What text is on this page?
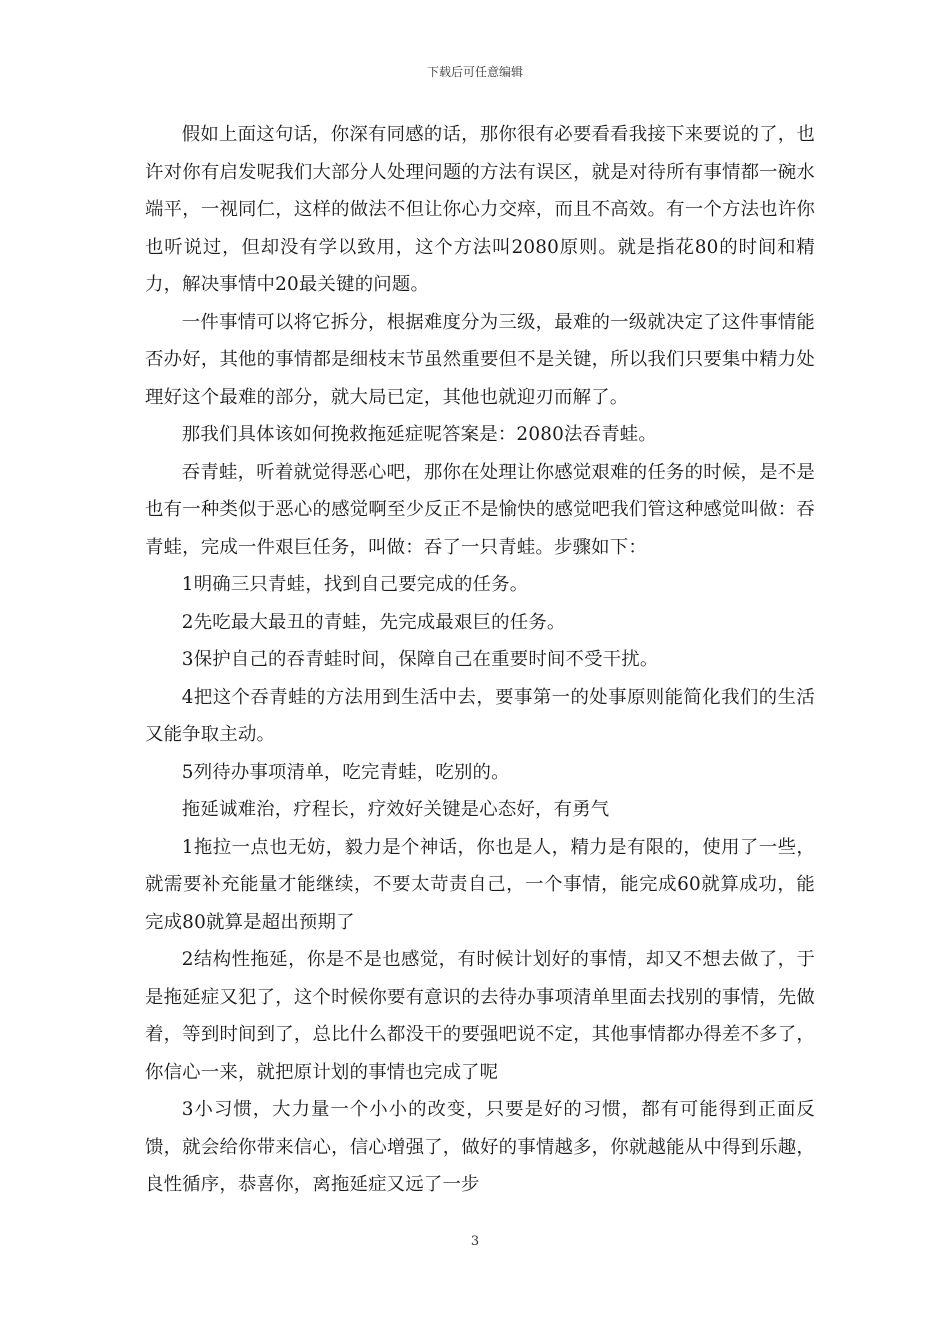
下载后可任意编辑

假如上面这句话，你深有同感的话，那你很有必要看看我接下来要说的了，也许对你有启发呢我们大部分人处理问题的方法有误区，就是对待所有事情都一碗水端平，一视同仁，这样的做法不但让你心力交瘁，而且不高效。有一个方法也许你也听说过，但却没有学以致用，这个方法叫2080原则。就是指花80的时间和精力，解决事情中20最关键的问题。

一件事情可以将它拆分，根据难度分为三级，最难的一级就决定了这件事情能否办好，其他的事情都是细枝末节虽然重要但不是关键，所以我们只要集中精力处理好这个最难的部分，就大局已定，其他也就迎刃而解了。

那我们具体该如何挽救拖延症呢答案是：2080法吞青蛙。

吞青蛙，听着就觉得恶心吧，那你在处理让你感觉艰难的任务的时候，是不是也有一种类似于恶心的感觉啊至少反正不是愉快的感觉吧我们管这种感觉叫做：吞青蛙，完成一件艰巨任务，叫做：吞了一只青蛙。步骤如下：

1明确三只青蛙，找到自己要完成的任务。

2先吃最大最丑的青蛙，先完成最艰巨的任务。

3保护自己的吞青蛙时间，保障自己在重要时间不受干扰。

4把这个吞青蛙的方法用到生活中去，要事第一的处事原则能简化我们的生活又能争取主动。

5列待办事项清单，吃完青蛙，吃别的。

拖延诚难治，疗程长，疗效好关键是心态好，有勇气

1拖拉一点也无妨，毅力是个神话，你也是人，精力是有限的，使用了一些，就需要补充能量才能继续，不要太苛责自己，一个事情，能完成60就算成功，能完成80就算是超出预期了

2结构性拖延，你是不是也感觉，有时候计划好的事情，却又不想去做了，于是拖延症又犯了，这个时候你要有意识的去待办事项清单里面去找别的事情，先做着，等到时间到了，总比什么都没干的要强吧说不定，其他事情都办得差不多了，你信心一来，就把原计划的事情也完成了呢

3小习惯，大力量一个小小的改变，只要是好的习惯，都有可能得到正面反馈，就会给你带来信心，信心增强了，做好的事情越多，你就越能从中得到乐趣，良性循序，恭喜你，离拖延症又远了一步

3
